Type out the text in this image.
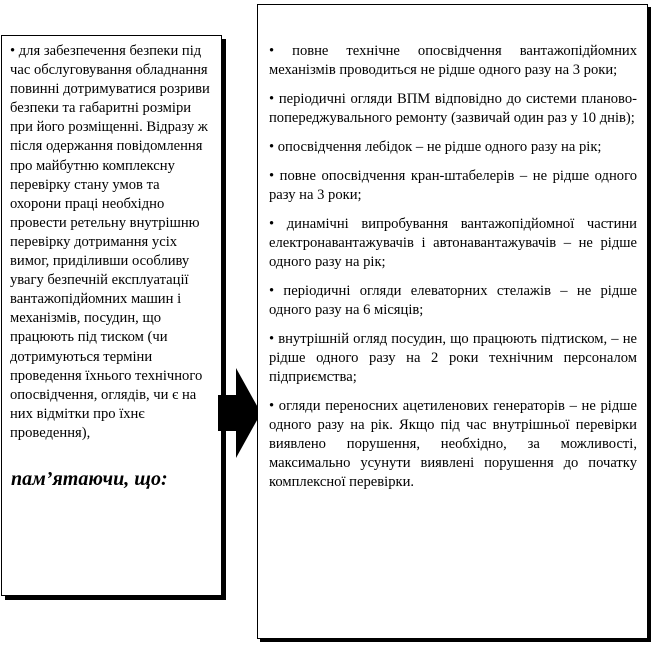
• для забезпечення безпеки під час обслуговування обладнання повинні дотримуватися розриви безпеки та габаритні розміри при його розміщенні. Відразу ж після одержання повідомлення про майбутню комплексну перевірку стану умов та охорони праці необхідно провести ретельну внутрішню перевірку дотримання усіх вимог, приділивши особливу увагу безпечній експлуатації вантажопідйомних машин і механізмів, посудин, що працюють під тиском (чи дотримуються терміни проведення їхнього технічного опосвідчення, оглядів, чи є на них відмітки про їхнє проведення),

пам’ятаючи, що:

• повне технічне опосвідчення вантажопідйомних механізмів проводиться не рідше одного разу на 3 роки;

• періодичні огляди ВПМ відповідно до системи планово-попереджувального ремонту (зазвичай один раз у 10 днів);

• опосвідчення лебідок – не рідше одного разу на рік;

• повне опосвідчення кран-штабелерів – не рідше одного разу на 3 роки;

• динамічні випробування вантажопідйомної частини електронавантажувачів і автонавантажувачів – не рідше одного разу на рік;

• періодичні огляди елеваторних стелажів – не рідше одного разу на 6 місяців;

• внутрішній огляд посудин, що працюють підтиском, – не рідше одного разу на 2 роки технічним персоналом підприємства;

• огляди переносних ацетиленових генераторів – не рідше одного разу на рік. Якщо під час внутрішньої перевірки виявлено порушення, необхідно, за можливості, максимально усунути виявлені порушення до початку комплексної перевірки.
